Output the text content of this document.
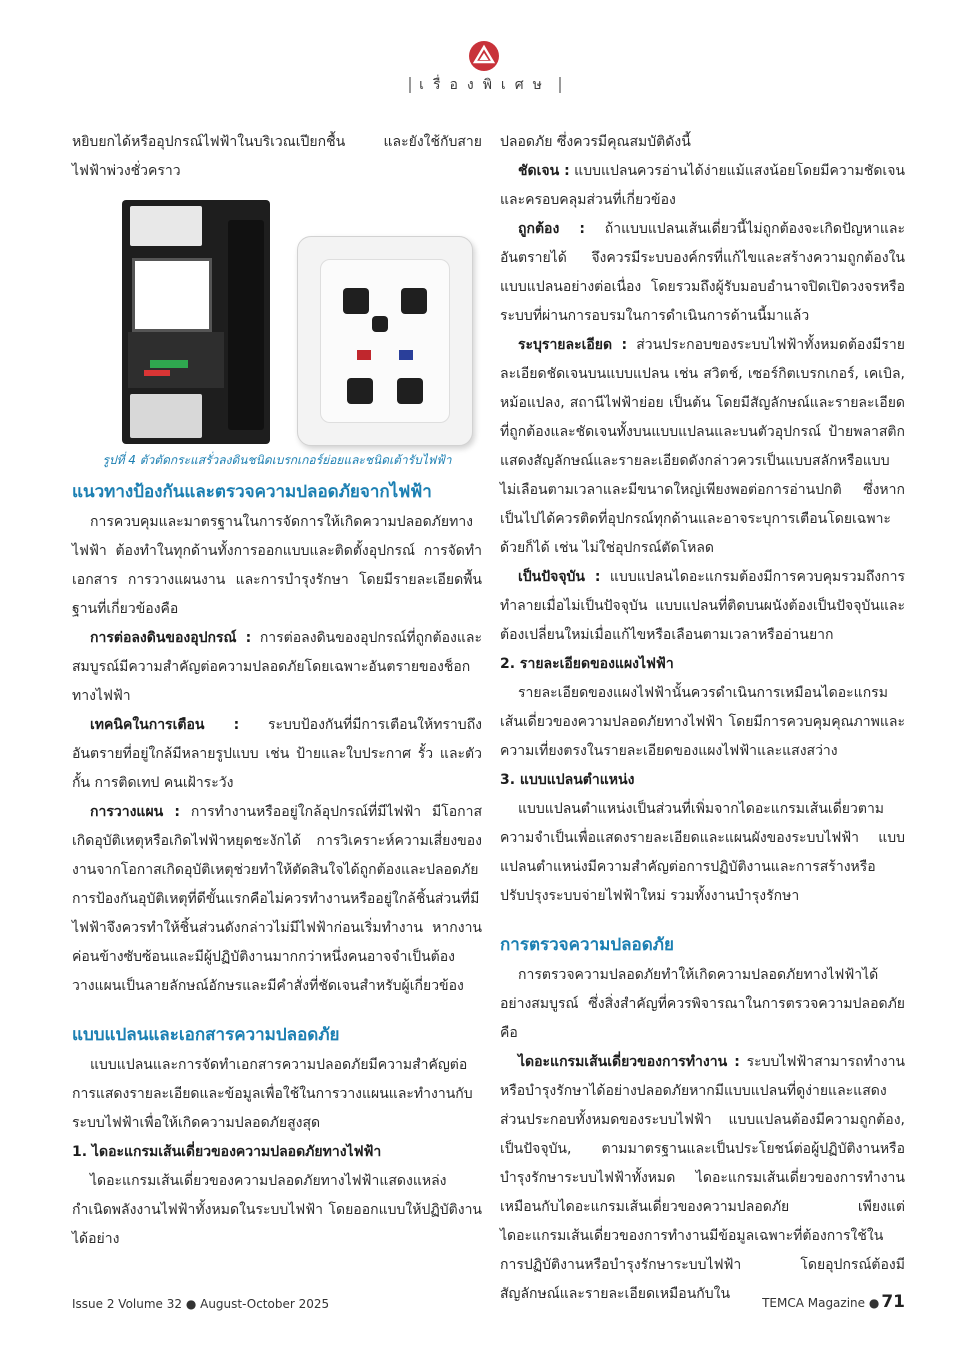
เรื่องพิเศษ

หยิบยกได้หรืออุปกรณ์ไฟฟ้าในบริเวณเปียกชื้น และยังใช้กับสายไฟฟ้าพ่วงชั่วคราว

รูปที่ 4 ตัวตัดกระแสรั่วลงดินชนิดเบรกเกอร์ย่อยและชนิดเต้ารับไฟฟ้า

แนวทางป้องกันและตรวจความปลอดภัยจากไฟฟ้า

การควบคุมและมาตรฐานในการจัดการให้เกิดความปลอดภัยทางไฟฟ้า ต้องทำในทุกด้านทั้งการออกแบบและติดตั้งอุปกรณ์ การจัดทำเอกสาร การวางแผนงาน และการบำรุงรักษา โดยมีรายละเอียดพื้นฐานที่เกี่ยวข้องคือ

การต่อลงดินของอุปกรณ์ : การต่อลงดินของอุปกรณ์ที่ถูกต้องและสมบูรณ์มีความสำคัญต่อความปลอดภัยโดยเฉพาะอันตรายของช็อกทางไฟฟ้า

เทคนิคในการเตือน : ระบบป้องกันที่มีการเตือนให้ทราบถึงอันตรายที่อยู่ใกล้มีหลายรูปแบบ เช่น ป้ายและใบประกาศ รั้ว และตัวกั้น การติดเทป คนเฝ้าระวัง

การวางแผน : การทำงานหรืออยู่ใกล้อุปกรณ์ที่มีไฟฟ้า มีโอกาสเกิดอุบัติเหตุหรือเกิดไฟฟ้าหยุดชะงักได้ การวิเคราะห์ความเสี่ยงของงานจากโอกาสเกิดอุบัติเหตุช่วยทำให้ตัดสินใจได้ถูกต้องและปลอดภัย การป้องกันอุบัติเหตุที่ดีขั้นแรกคือไม่ควรทำงานหรืออยู่ใกล้ชิ้นส่วนที่มีไฟฟ้าจึงควรทำให้ชิ้นส่วนดังกล่าวไม่มีไฟฟ้าก่อนเริ่มทำงาน หากงานค่อนข้างซับซ้อนและมีผู้ปฏิบัติงานมากกว่าหนึ่งคนอาจจำเป็นต้องวางแผนเป็นลายลักษณ์อักษรและมีคำสั่งที่ชัดเจนสำหรับผู้เกี่ยวข้อง

แบบแปลนและเอกสารความปลอดภัย

แบบแปลนและการจัดทำเอกสารความปลอดภัยมีความสำคัญต่อการแสดงรายละเอียดและข้อมูลเพื่อใช้ในการวางแผนและทำงานกับระบบไฟฟ้าเพื่อให้เกิดความปลอดภัยสูงสุด

1. ไดอะแกรมเส้นเดี่ยวของความปลอดภัยทางไฟฟ้า

ไดอะแกรมเส้นเดี่ยวของความปลอดภัยทางไฟฟ้าแสดงแหล่งกำเนิดพลังงานไฟฟ้าทั้งหมดในระบบไฟฟ้า โดยออกแบบให้ปฏิบัติงานได้อย่าง

ปลอดภัย ซึ่งควรมีคุณสมบัติดังนี้

ชัดเจน : แบบแปลนควรอ่านได้ง่ายแม้แสงน้อยโดยมีความชัดเจนและครอบคลุมส่วนที่เกี่ยวข้อง

ถูกต้อง : ถ้าแบบแปลนเส้นเดี่ยวนี้ไม่ถูกต้องจะเกิดปัญหาและอันตรายได้ จึงควรมีระบบองค์กรที่แก้ไขและสร้างความถูกต้องในแบบแปลนอย่างต่อเนื่อง โดยรวมถึงผู้รับมอบอำนาจปิดเปิดวงจรหรือระบบที่ผ่านการอบรมในการดำเนินการด้านนี้มาแล้ว

ระบุรายละเอียด : ส่วนประกอบของระบบไฟฟ้าทั้งหมดต้องมีรายละเอียดชัดเจนบนแบบแปลน เช่น สวิตช์, เซอร์กิตเบรกเกอร์, เคเบิล, หม้อแปลง, สถานีไฟฟ้าย่อย เป็นต้น โดยมีสัญลักษณ์และรายละเอียดที่ถูกต้องและชัดเจนทั้งบนแบบแปลนและบนตัวอุปกรณ์ ป้ายพลาสติกแสดงสัญลักษณ์และรายละเอียดดังกล่าวควรเป็นแบบสลักหรือแบบไม่เลือนตามเวลาและมีขนาดใหญ่เพียงพอต่อการอ่านปกติ ซึ่งหากเป็นไปได้ควรติดที่อุปกรณ์ทุกด้านและอาจระบุการเตือนโดยเฉพาะด้วยก็ได้ เช่น ไม่ใช่อุปกรณ์ตัดโหลด

เป็นปัจจุบัน : แบบแปลนไดอะแกรมต้องมีการควบคุมรวมถึงการทำลายเมื่อไม่เป็นปัจจุบัน แบบแปลนที่ติดบนผนังต้องเป็นปัจจุบันและต้องเปลี่ยนใหม่เมื่อแก้ไขหรือเลือนตามเวลาหรืออ่านยาก

2. รายละเอียดของแผงไฟฟ้า

รายละเอียดของแผงไฟฟ้านั้นควรดำเนินการเหมือนไดอะแกรมเส้นเดี่ยวของความปลอดภัยทางไฟฟ้า โดยมีการควบคุมคุณภาพและความเที่ยงตรงในรายละเอียดของแผงไฟฟ้าและแสงสว่าง

3. แบบแปลนตำแหน่ง

แบบแปลนตำแหน่งเป็นส่วนที่เพิ่มจากไดอะแกรมเส้นเดี่ยวตามความจำเป็นเพื่อแสดงรายละเอียดและแผนผังของระบบไฟฟ้า แบบแปลนตำแหน่งมีความสำคัญต่อการปฏิบัติงานและการสร้างหรือปรับปรุงระบบจ่ายไฟฟ้าใหม่ รวมทั้งงานบำรุงรักษา

การตรวจความปลอดภัย

การตรวจความปลอดภัยทำให้เกิดความปลอดภัยทางไฟฟ้าได้อย่างสมบูรณ์ ซึ่งสิ่งสำคัญที่ควรพิจารณาในการตรวจความปลอดภัยคือ

ไดอะแกรมเส้นเดี่ยวของการทำงาน : ระบบไฟฟ้าสามารถทำงานหรือบำรุงรักษาได้อย่างปลอดภัยหากมีแบบแปลนที่ดูง่ายและแสดงส่วนประกอบทั้งหมดของระบบไฟฟ้า แบบแปลนต้องมีความถูกต้อง, เป็นปัจจุบัน, ตามมาตรฐานและเป็นประโยชน์ต่อผู้ปฏิบัติงานหรือบำรุงรักษาระบบไฟฟ้าทั้งหมด ไดอะแกรมเส้นเดี่ยวของการทำงานเหมือนกับไดอะแกรมเส้นเดี่ยวของความปลอดภัย เพียงแต่ไดอะแกรมเส้นเดี่ยวของการทำงานมีข้อมูลเฉพาะที่ต้องการใช้ในการปฏิบัติงานหรือบำรุงรักษาระบบไฟฟ้า โดยอุปกรณ์ต้องมีสัญลักษณ์และรายละเอียดเหมือนกับใน

Issue 2 Volume 32 ● August-October 2025	TEMCA Magazine ● 71
